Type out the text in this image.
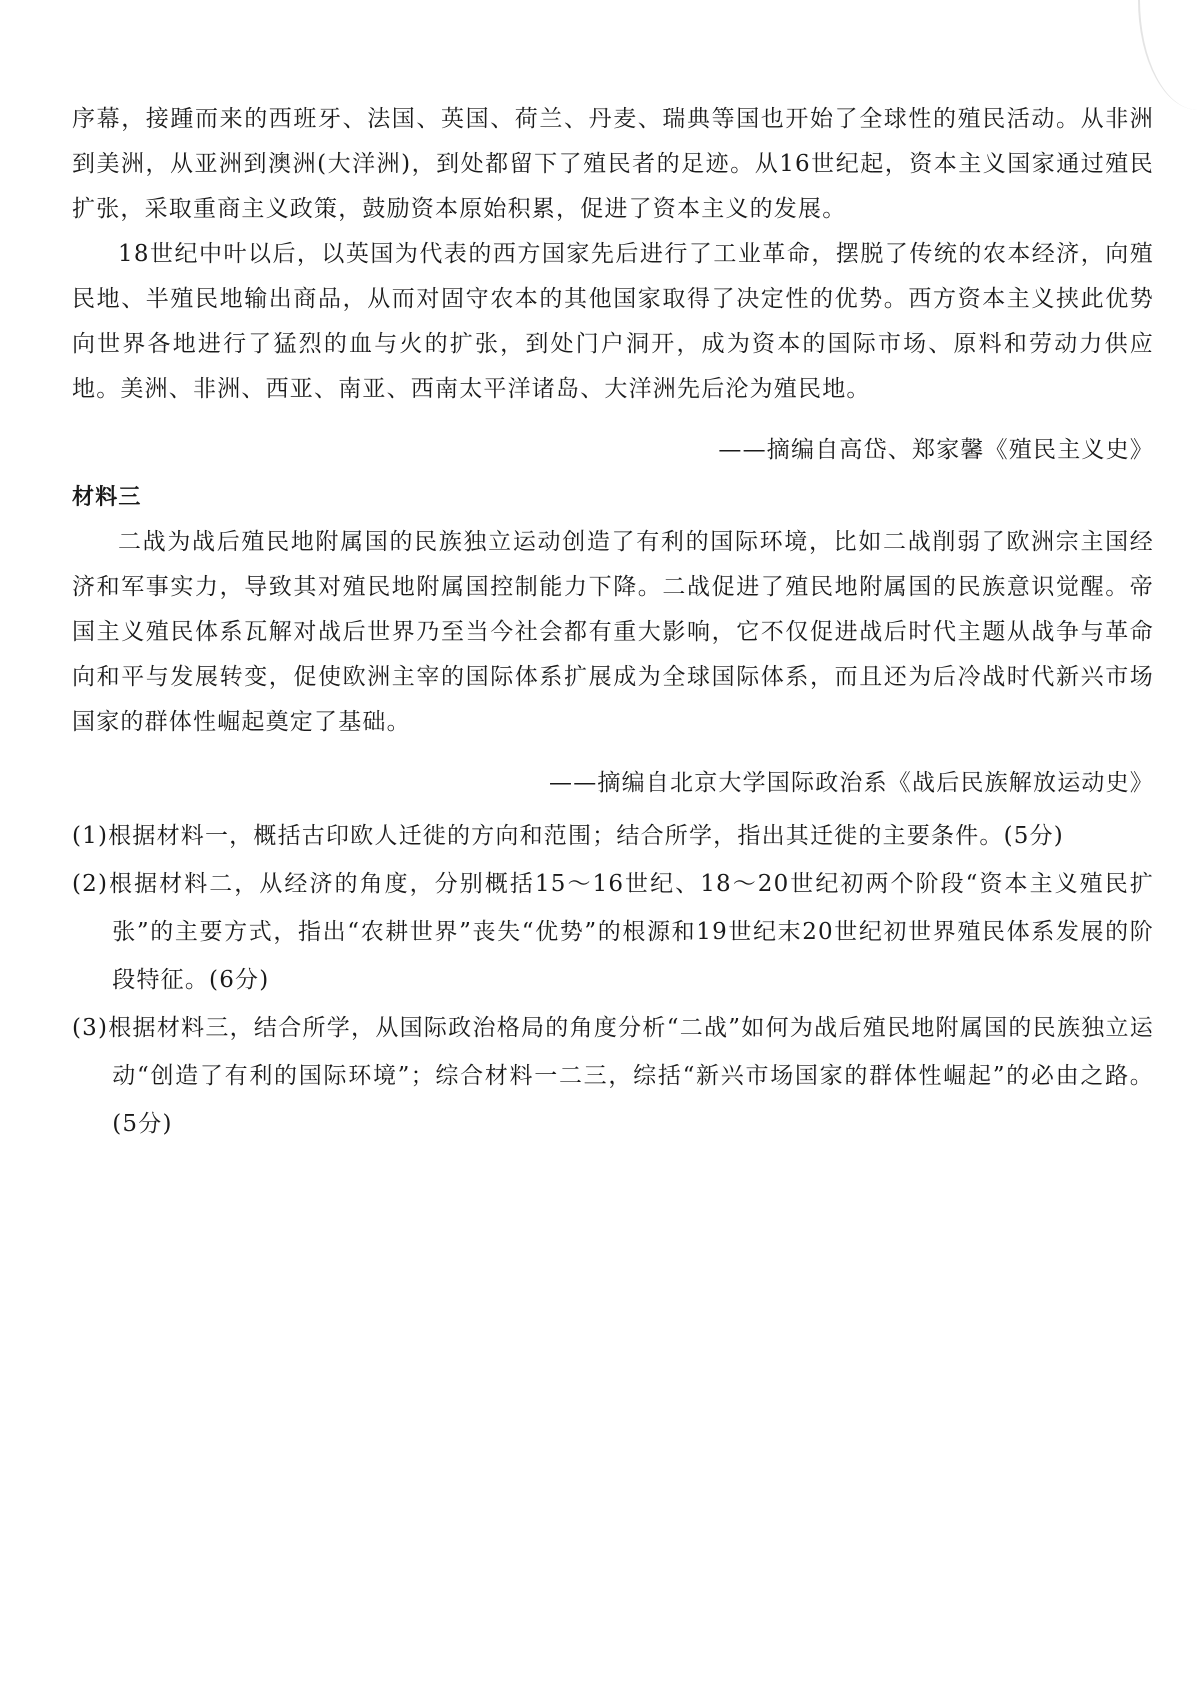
序幕，接踵而来的西班牙、法国、英国、荷兰、丹麦、瑞典等国也开始了全球性的殖民活动。从非洲到美洲，从亚洲到澳洲(大洋洲)，到处都留下了殖民者的足迹。从16世纪起，资本主义国家通过殖民扩张，采取重商主义政策，鼓励资本原始积累，促进了资本主义的发展。

18世纪中叶以后，以英国为代表的西方国家先后进行了工业革命，摆脱了传统的农本经济，向殖民地、半殖民地输出商品，从而对固守农本的其他国家取得了决定性的优势。西方资本主义挟此优势向世界各地进行了猛烈的血与火的扩张，到处门户洞开，成为资本的国际市场、原料和劳动力供应地。美洲、非洲、西亚、南亚、西南太平洋诸岛、大洋洲先后沦为殖民地。

——摘编自高岱、郑家馨《殖民主义史》

材料三

二战为战后殖民地附属国的民族独立运动创造了有利的国际环境，比如二战削弱了欧洲宗主国经济和军事实力，导致其对殖民地附属国控制能力下降。二战促进了殖民地附属国的民族意识觉醒。帝国主义殖民体系瓦解对战后世界乃至当今社会都有重大影响，它不仅促进战后时代主题从战争与革命向和平与发展转变，促使欧洲主宰的国际体系扩展成为全球国际体系，而且还为后冷战时代新兴市场国家的群体性崛起奠定了基础。

——摘编自北京大学国际政治系《战后民族解放运动史》

(1)根据材料一，概括古印欧人迁徙的方向和范围；结合所学，指出其迁徙的主要条件。(5分)

(2)根据材料二，从经济的角度，分别概括15～16世纪、18～20世纪初两个阶段“资本主义殖民扩张”的主要方式，指出“农耕世界”丧失“优势”的根源和19世纪末20世纪初世界殖民体系发展的阶段特征。(6分)

(3)根据材料三，结合所学，从国际政治格局的角度分析“二战”如何为战后殖民地附属国的民族独立运动“创造了有利的国际环境”；综合材料一二三，综括“新兴市场国家的群体性崛起”的必由之路。(5分)
